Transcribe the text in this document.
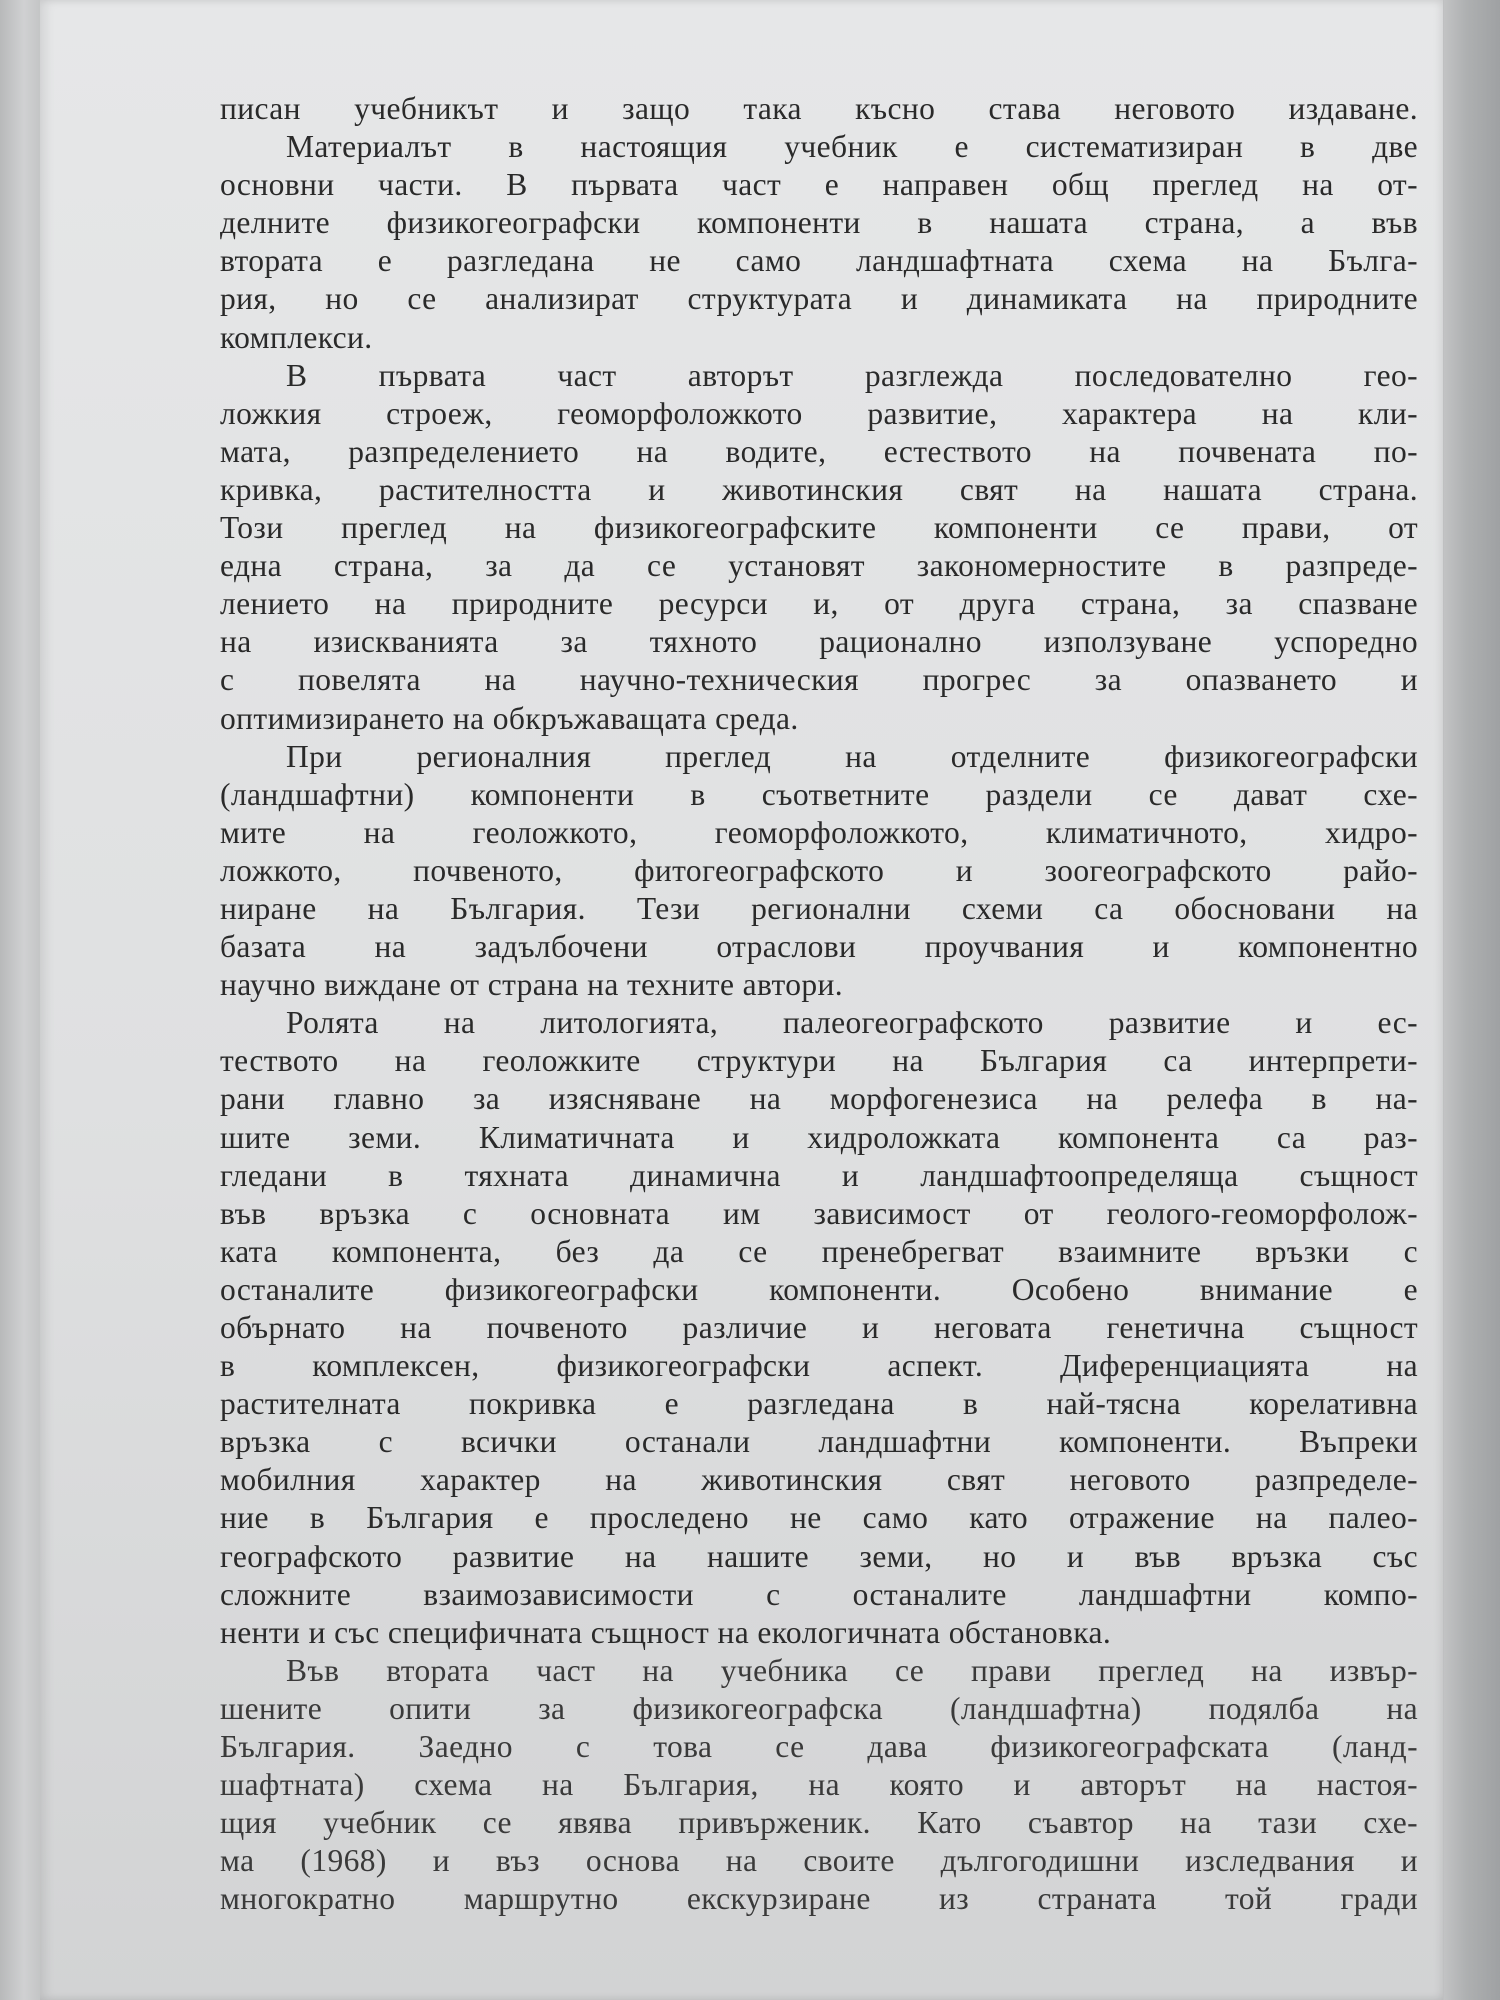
писан учебникът и защо така късно става неговото издаване.
Материалът в настоящия учебник е систематизиран в две
основни части. В първата част е направен общ преглед на от-
делните физикогеографски компоненти в нашата страна, а във
втората е разгледана не само ландшафтната схема на Бълга-
рия, но се анализират структурата и динамиката на природните
комплекси.
В първата част авторът разглежда последователно гео-
ложкия строеж, геоморфоложкото развитие, характера на кли-
мата, разпределението на водите, естеството на почвената по-
кривка, растителността и животинския свят на нашата страна.
Този преглед на физикогеографските компоненти се прави, от
една страна, за да се установят закономерностите в разпреде-
лението на природните ресурси и, от друга страна, за спазване
на изискванията за тяхното рационално използуване успоредно
с повелята на научно-техническия прогрес за опазването и
оптимизирането на обкръжаващата среда.
При регионалния преглед на отделните физикогеографски
(ландшафтни) компоненти в съответните раздели се дават схе-
мите на геоложкото, геоморфоложкото, климатичното, хидро-
ложкото, почвеното, фитогеографското и зоогеографското райо-
ниране на България. Тези регионални схеми са обосновани на
базата на задълбочени отраслови проучвания и компонентно
научно виждане от страна на техните автори.
Ролята на литологията, палеогеографското развитие и ес-
теството на геоложките структури на България са интерпрети-
рани главно за изясняване на морфогенезиса на релефа в на-
шите земи. Климатичната и хидроложката компонента са раз-
гледани в тяхната динамична и ландшафтоопределяща същност
във връзка с основната им зависимост от геолого-геоморфолож-
ката компонента, без да се пренебрегват взаимните връзки с
останалите физикогеографски компоненти. Особено внимание е
обърнато на почвеното различие и неговата генетична същност
в комплексен, физикогеографски аспект. Диференциацията на
растителната покривка е разгледана в най-тясна корелативна
връзка с всички останали ландшафтни компоненти. Въпреки
мобилния характер на животинския свят неговото разпределе-
ние в България е проследено не само като отражение на палео-
географското развитие на нашите земи, но и във връзка със
сложните взаимозависимости с останалите ландшафтни компо-
ненти и със специфичната същност на екологичната обстановка.
Във втората част на учебника се прави преглед на извър-
шените опити за физикогеографска (ландшафтна) подялба на
България. Заедно с това се дава физикогеографската (ланд-
шафтната) схема на България, на която и авторът на настоя-
щия учебник се явява привърженик. Като съавтор на тази схе-
ма (1968) и въз основа на своите дългогодишни изследвания и
многократно маршрутно екскурзиране из страната той гради
